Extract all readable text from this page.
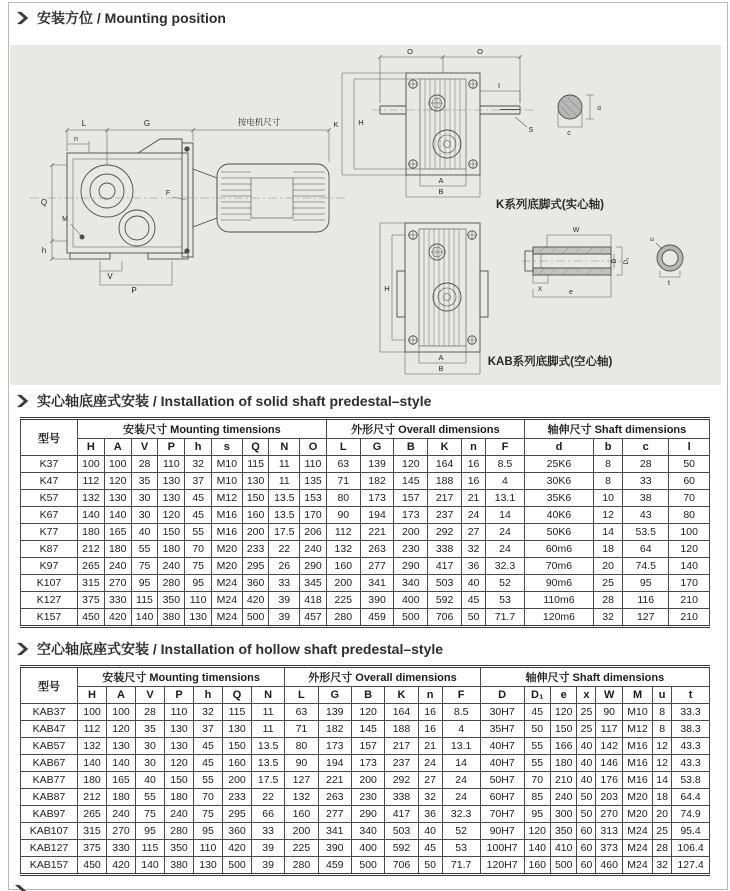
安装方位 / Mounting position
L	G	按电机尺寸
n
Q
h
V
P
F
M
O	O
I
S
K	H
A
B
c
d
K系列底脚式(实心轴)
H
A
B
W
D D₁
X	e
t
u
KAB系列底脚式(空心轴)
实心轴底座式安装 / Installation of solid shaft predestal–style
型号	安装尺寸 Mounting timensions									外形尺寸 Overall dimensions						轴伸尺寸 Shaft dimensions			
	H	A	V	P	h	s	Q	N	O	L	G	B	K	n	F	d	b	c	l
K37	100	100	28	110	32	M10	115	11	110	63	139	120	164	16	8.5	25K6	8	28	50
K47	112	120	35	130	37	M10	130	11	135	71	182	145	188	16	4	30K6	8	33	60
K57	132	130	30	130	45	M12	150	13.5	153	80	173	157	217	21	13.1	35K6	10	38	70
K67	140	140	30	120	45	M16	160	13.5	170	90	194	173	237	24	14	40K6	12	43	80
K77	180	165	40	150	55	M16	200	17.5	206	112	221	200	292	27	24	50K6	14	53.5	100
K87	212	180	55	180	70	M20	233	22	240	132	263	230	338	32	24	60m6	18	64	120
K97	265	240	75	240	75	M20	295	26	290	160	277	290	417	36	32.3	70m6	20	74.5	140
K107	315	270	95	280	95	M24	360	33	345	200	341	340	503	40	52	90m6	25	95	170
K127	375	330	115	350	110	M24	420	39	418	225	390	400	592	45	53	110m6	28	116	210
K157	450	420	140	380	130	M24	500	39	457	280	459	500	706	50	71.7	120m6	32	127	210
空心轴底座式安装 / Installation of hollow shaft predestal–style
型号	安装尺寸 Mounting timensions							外形尺寸 Overall dimensions						轴伸尺寸 Shaft dimensions							
	H	A	V	P	h	Q	N	L	G	B	K	n	F	D	D₁	e	x	W	M	u	t
KAB37	100	100	28	110	32	115	11	63	139	120	164	16	8.5	30H7	45	120	25	90	M10	8	33.3
KAB47	112	120	35	130	37	130	11	71	182	145	188	16	4	35H7	50	150	25	117	M12	8	38.3
KAB57	132	130	30	130	45	150	13.5	80	173	157	217	21	13.1	40H7	55	166	40	142	M16	12	43.3
KAB67	140	140	30	120	45	160	13.5	90	194	173	237	24	14	40H7	55	180	40	146	M16	12	43.3
KAB77	180	165	40	150	55	200	17.5	127	221	200	292	27	24	50H7	70	210	40	176	M16	14	53.8
KAB87	212	180	55	180	70	233	22	132	263	230	338	32	24	60H7	85	240	50	203	M20	18	64.4
KAB97	265	240	75	240	75	295	66	160	277	290	417	36	32.3	70H7	95	300	50	270	M20	20	74.9
KAB107	315	270	95	280	95	360	33	200	341	340	503	40	52	90H7	120	350	60	313	M24	25	95.4
KAB127	375	330	115	350	110	420	39	225	390	400	592	45	53	100H7	140	410	60	373	M24	28	106.4
KAB157	450	420	140	380	130	500	39	280	459	500	706	50	71.7	120H7	160	500	60	460	M24	32	127.4
